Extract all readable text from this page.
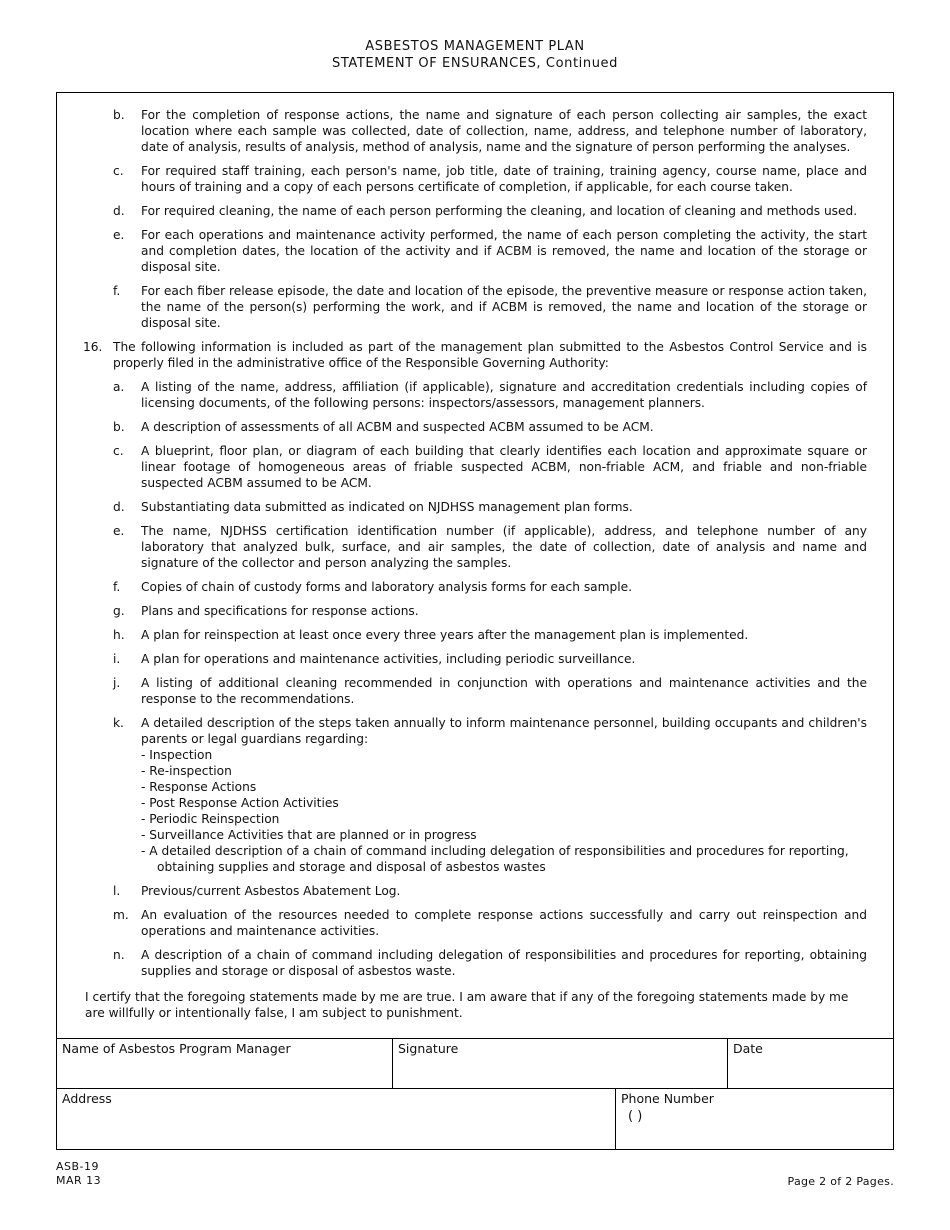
ASBESTOS MANAGEMENT PLAN
STATEMENT OF ENSURANCES, Continued
b.	For the completion of response actions, the name and signature of each person collecting air samples, the exact location where each sample was collected, date of collection, name, address, and telephone number of laboratory, date of analysis, results of analysis, method of analysis, name and the signature of person performing the analyses.
c.	For required staff training, each person's name, job title, date of training, training agency, course name, place and hours of training and a copy of each persons certificate of completion, if applicable, for each course taken.
d.	For required cleaning, the name of each person performing the cleaning, and location of cleaning and methods used.
e.	For each operations and maintenance activity performed, the name of each person completing the activity, the start and completion dates, the location of the activity and if ACBM is removed, the name and location of the storage or disposal site.
f.	For each fiber release episode, the date and location of the episode, the preventive measure or response action taken, the name of the person(s) performing the work, and if ACBM is removed, the name and location of the storage or disposal site.
16. The following information is included as part of the management plan submitted to the Asbestos Control Service and is properly filed in the administrative office of the Responsible Governing Authority:
a.	A listing of the name, address, affiliation (if applicable), signature and accreditation credentials including copies of licensing documents, of the following persons: inspectors/assessors, management planners.
b.	A description of assessments of all ACBM and suspected ACBM assumed to be ACM.
c.	A blueprint, floor plan, or diagram of each building that clearly identifies each location and approximate square or linear footage of homogeneous areas of friable suspected ACBM, non-friable ACM, and friable and non-friable suspected ACBM assumed to be ACM.
d.	Substantiating data submitted as indicated on NJDHSS management plan forms.
e.	The name, NJDHSS certification identification number (if applicable), address, and telephone number of any laboratory that analyzed bulk, surface, and air samples, the date of collection, date of analysis and name and signature of the collector and person analyzing the samples.
f.	Copies of chain of custody forms and laboratory analysis forms for each sample.
g.	Plans and specifications for response actions.
h.	A plan for reinspection at least once every three years after the management plan is implemented.
i.	A plan for operations and maintenance activities, including periodic surveillance.
j.	A listing of additional cleaning recommended in conjunction with operations and maintenance activities and the response to the recommendations.
k.	A detailed description of the steps taken annually to inform maintenance personnel, building occupants and children's parents or legal guardians regarding:
- Inspection
- Re-inspection
- Response Actions
- Post Response Action Activities
- Periodic Reinspection
- Surveillance Activities that are planned or in progress
- A detailed description of a chain of command including delegation of responsibilities and procedures for reporting,
obtaining supplies and storage and disposal of asbestos wastes
l.	Previous/current Asbestos Abatement Log.
m.	An evaluation of the resources needed to complete response actions successfully and carry out reinspection and operations and maintenance activities.
n.	A description of a chain of command including delegation of responsibilities and procedures for reporting, obtaining supplies and storage or disposal of asbestos waste.
I certify that the foregoing statements made by me are true. I am aware that if any of the foregoing statements made by me are willfully or intentionally false, I am subject to punishment.
Name of Asbestos Program Manager	Signature	Date
Address	Phone Number
( )
ASB-19
MAR 13	Page 2 of 2 Pages.
